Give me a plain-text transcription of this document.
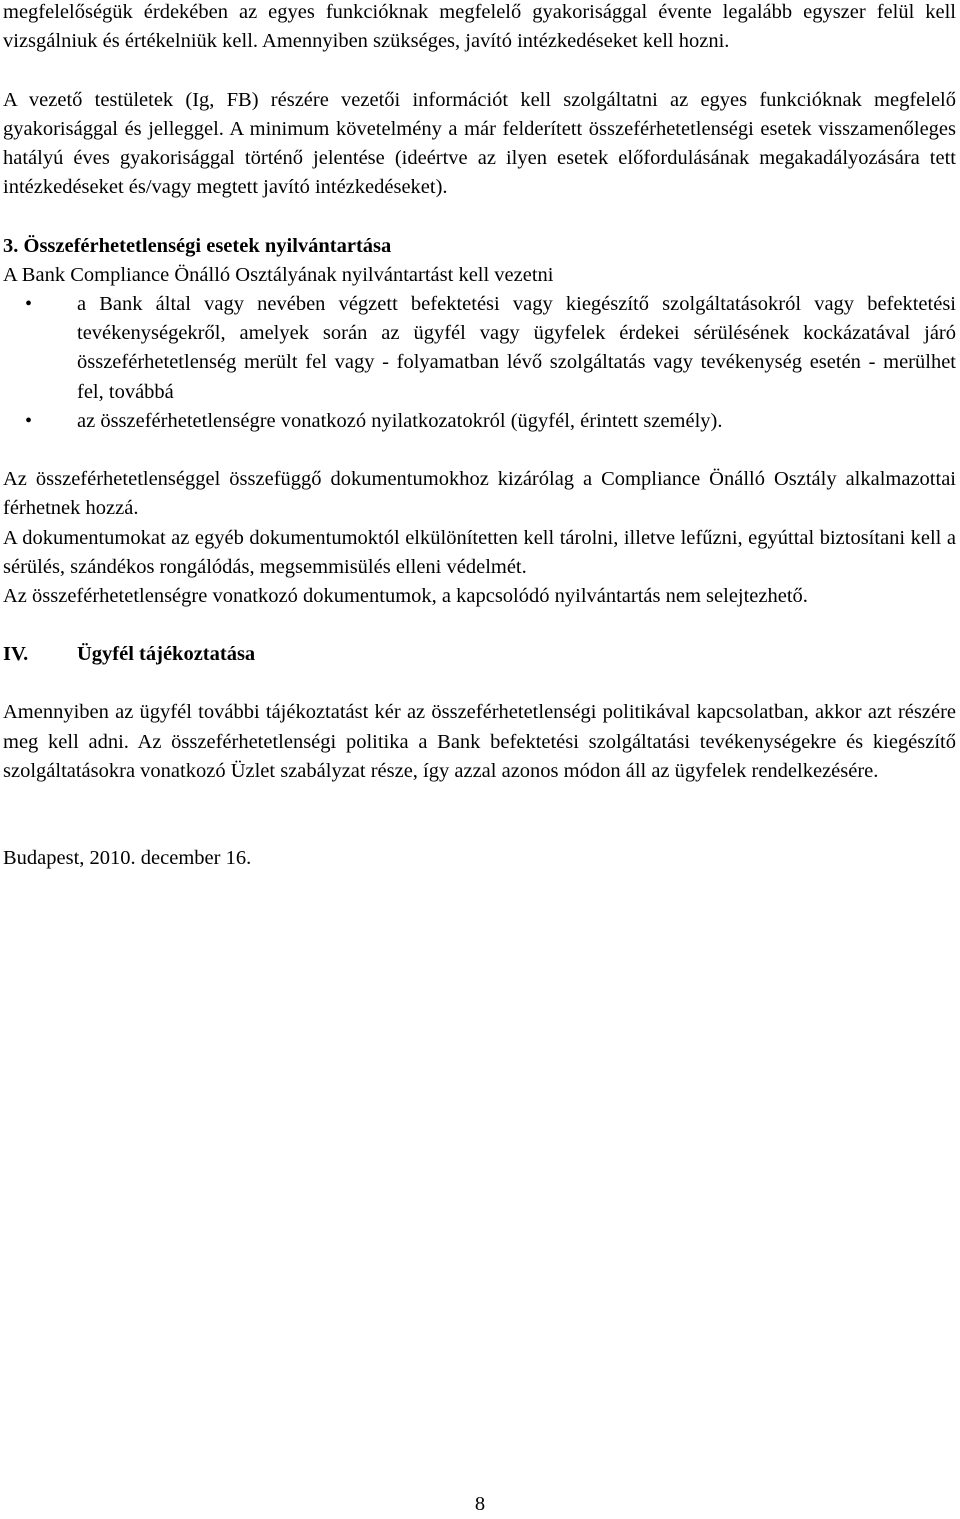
megfelelőségük érdekében az egyes funkcióknak megfelelő gyakorisággal évente legalább egyszer felül kell vizsgálniuk és értékelniük kell. Amennyiben szükséges, javító intézkedéseket kell hozni.

A vezető testületek (Ig, FB) részére vezetői információt kell szolgáltatni az egyes funkcióknak megfelelő gyakorisággal és jelleggel. A minimum követelmény a már felderített összeférhetetlenségi esetek visszamenőleges hatályú éves gyakorisággal történő jelentése (ideértve az ilyen esetek előfordulásának megakadályozására tett intézkedéseket és/vagy megtett javító intézkedéseket).

3. Összeférhetetlenségi esetek nyilvántartása

A Bank Compliance Önálló Osztályának nyilvántartást kell vezetni

• a Bank által vagy nevében végzett befektetési vagy kiegészítő szolgáltatásokról vagy befektetési tevékenységekről, amelyek során az ügyfél vagy ügyfelek érdekei sérülésének kockázatával járó összeférhetetlenség merült fel vagy - folyamatban lévő szolgáltatás vagy tevékenység esetén - merülhet fel, továbbá
• az összeférhetetlenségre vonatkozó nyilatkozatokról (ügyfél, érintett személy).

Az összeférhetetlenséggel összefüggő dokumentumokhoz kizárólag a Compliance Önálló Osztály alkalmazottai férhetnek hozzá.

A dokumentumokat az egyéb dokumentumoktól elkülönítetten kell tárolni, illetve lefűzni, egyúttal biztosítani kell a sérülés, szándékos rongálódás, megsemmisülés elleni védelmét.

Az összeférhetetlenségre vonatkozó dokumentumok, a kapcsolódó nyilvántartás nem selejtezhető.

IV.	Ügyfél tájékoztatása

Amennyiben az ügyfél további tájékoztatást kér az összeférhetetlenségi politikával kapcsolatban, akkor azt részére meg kell adni. Az összeférhetetlenségi politika a Bank befektetési szolgáltatási tevékenységekre és kiegészítő szolgáltatásokra vonatkozó Üzlet szabályzat része, így azzal azonos módon áll az ügyfelek rendelkezésére.

Budapest, 2010. december 16.

8
